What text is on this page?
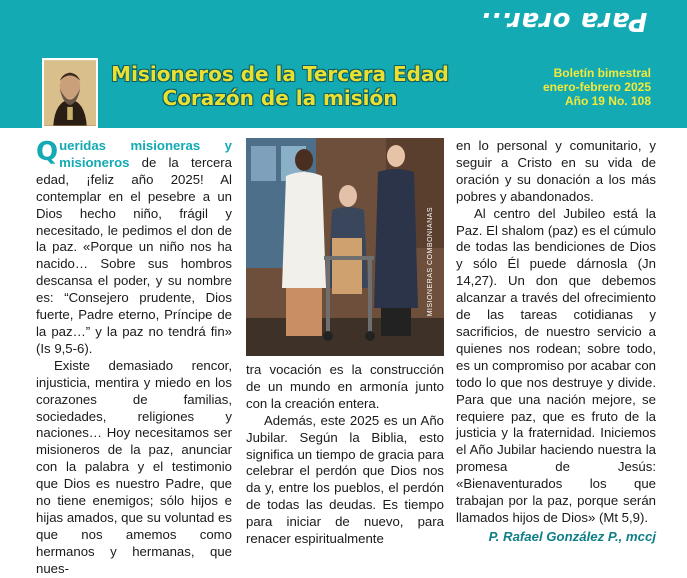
Para orar...
Misioneros de la Tercera Edad
Corazón de la misión
Boletín bimestral
enero-febrero 2025
Año 19 No. 108

Queridas misioneras y misioneros de la tercera edad, ¡feliz año 2025! Al contemplar en el pesebre a un Dios hecho niño, frágil y necesitado, le pedimos el don de la paz. «Porque un niño nos ha nacido… Sobre sus hombros descansa el poder, y su nombre es: “Consejero prudente, Dios fuerte, Padre eterno, Príncipe de la paz…” y la paz no tendrá fin» (Is 9,5-6).

Existe demasiado rencor, injusticia, mentira y miedo en los corazones de familias, sociedades, religiones y naciones… Hoy necesitamos ser misioneros de la paz, anunciar con la palabra y el testimonio que Dios es nuestro Padre, que no tiene enemigos; sólo hijos e hijas amados, que su voluntad es que nos amemos como hermanos y hermanas, que nues-

MISIONERAS COMBONIANAS

tra vocación es la construcción de un mundo en armonía junto con la creación entera.

Además, este 2025 es un Año Jubilar. Según la Biblia, esto significa un tiempo de gracia para celebrar el perdón que Dios nos da y, entre los pueblos, el perdón de todas las deudas. Es tiempo para iniciar de nuevo, para renacer espiritualmente

en lo personal y comunitario, y seguir a Cristo en su vida de oración y su donación a los más pobres y abandonados.

Al centro del Jubileo está la Paz. El shalom (paz) es el cúmulo de todas las bendiciones de Dios y sólo Él puede dárnosla (Jn 14,27). Un don que debemos alcanzar a través del ofrecimiento de las tareas cotidianas y sacrificios, de nuestro servicio a quienes nos rodean; sobre todo, es un compromiso por acabar con todo lo que nos destruye y divide. Para que una nación mejore, se requiere paz, que es fruto de la justicia y la fraternidad. Iniciemos el Año Jubilar haciendo nuestra la promesa de Jesús: «Bienaventurados los que trabajan por la paz, porque serán llamados hijos de Dios» (Mt 5,9).

P. Rafael González P., mccj
